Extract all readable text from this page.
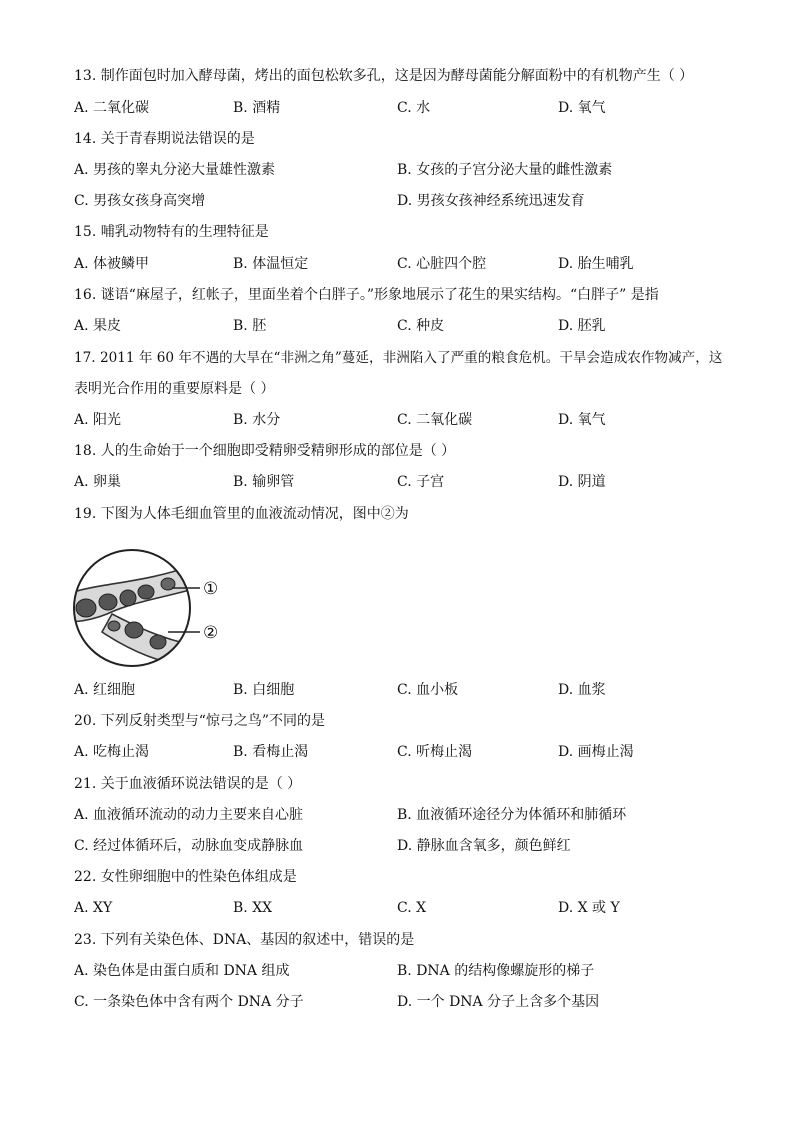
13. 制作面包时加入酵母菌，烤出的面包松软多孔，这是因为酵母菌能分解面粉中的有机物产生（ ）
A. 二氧化碳	B. 酒精	C. 水	D. 氧气
14. 关于青春期说法错误的是
A. 男孩的睾丸分泌大量雄性激素	B. 女孩的子宫分泌大量的雌性激素
C. 男孩女孩身高突增	D. 男孩女孩神经系统迅速发育
15. 哺乳动物特有的生理特征是
A. 体被鳞甲	B. 体温恒定	C. 心脏四个腔	D. 胎生哺乳
16. 谜语“麻屋子，红帐子，里面坐着个白胖子。”形象地展示了花生的果实结构。“白胖子” 是指
A. 果皮	B. 胚	C. 种皮	D. 胚乳
17. 2011 年 60 年不遇的大旱在“非洲之角”蔓延，非洲陷入了严重的粮食危机。干旱会造成农作物减产，这
表明光合作用的重要原料是（ ）
A. 阳光	B. 水分	C. 二氧化碳	D. 氧气
18. 人的生命始于一个细胞即受精卵受精卵形成的部位是（ ）
A. 卵巢	B. 输卵管	C. 子宫	D. 阴道
19. 下图为人体毛细血管里的血液流动情况，图中②为
①
②
A. 红细胞	B. 白细胞	C. 血小板	D. 血浆
20. 下列反射类型与“惊弓之鸟”不同的是
A. 吃梅止渴	B. 看梅止渴	C. 听梅止渴	D. 画梅止渴
21. 关于血液循环说法错误的是（ ）
A. 血液循环流动的动力主要来自心脏	B. 血液循环途径分为体循环和肺循环
C. 经过体循环后，动脉血变成静脉血	D. 静脉血含氧多，颜色鲜红
22. 女性卵细胞中的性染色体组成是
A. XY	B. XX	C. X	D. X 或 Y
23. 下列有关染色体、DNA、基因的叙述中，错误的是
A. 染色体是由蛋白质和 DNA 组成	B. DNA 的结构像螺旋形的梯子
C. 一条染色体中含有两个 DNA 分子	D. 一个 DNA 分子上含多个基因
